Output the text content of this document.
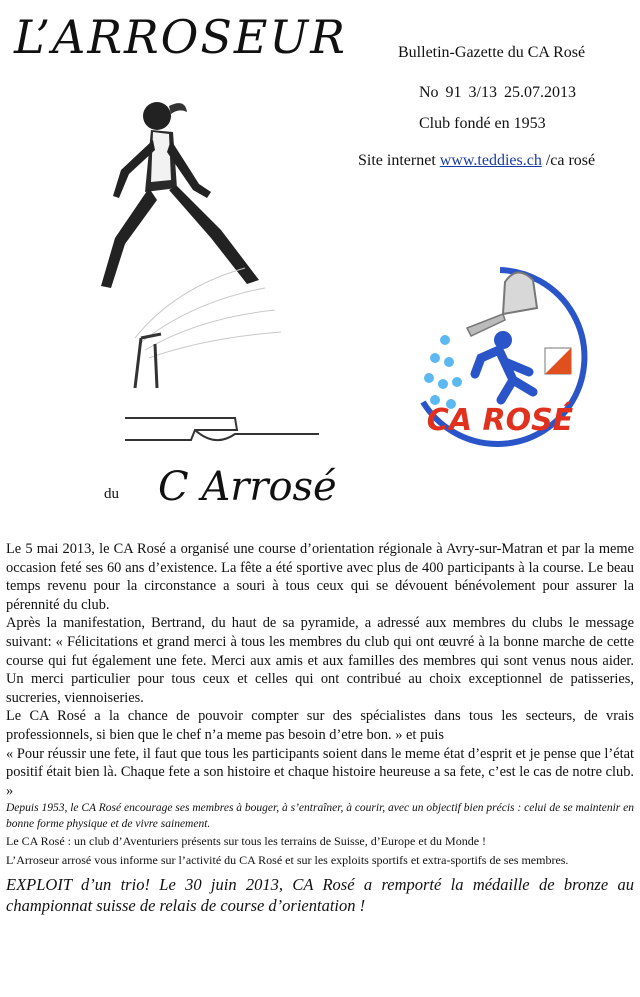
L’ARROSEUR	Bulletin-Gazette du CA Rosé
No 91 3/13 25.07.2013
Club fondé en 1953
Site internet www.teddies.ch /ca rosé
CA ROSÉ
du C Arrosé

Le 5 mai 2013, le CA Rosé a organisé une course d’orientation régionale à Avry-sur-Matran et par la meme occasion feté ses 60 ans d’existence. La fête a été sportive avec plus de 400 participants à la course. Le beau temps revenu pour la circonstance a souri à tous ceux qui se dévouent bénévolement pour assurer la pérennité du club.

Après la manifestation, Bertrand, du haut de sa pyramide, a adressé aux membres du clubs le message suivant: « Félicitations et grand merci à tous les membres du club qui ont œuvré à la bonne marche de cette course qui fut également une fete. Merci aux amis et aux familles des membres qui sont venus nous aider. Un merci particulier pour tous ceux et celles qui ont contribué au choix exceptionnel de patisseries, sucreries, viennoiseries.

Le CA Rosé a la chance de pouvoir compter sur des spécialistes dans tous les secteurs, de vrais professionnels, si bien que le chef n’a meme pas besoin d’etre bon. » et puis

« Pour réussir une fete, il faut que tous les participants soient dans le meme état d’esprit et je pense que l’état positif était bien là. Chaque fete a son histoire et chaque histoire heureuse a sa fete, c’est le cas de notre club. »

Depuis 1953, le CA Rosé encourage ses membres à bouger, à s’entraîner, à courir, avec un objectif bien précis : celui de se maintenir en bonne forme physique et de vivre sainement.

Le CA Rosé : un club d’Aventuriers présents sur tous les terrains de Suisse, d’Europe et du Monde !

L’Arroseur arrosé vous informe sur l’activité du CA Rosé et sur les exploits sportifs et extra-sportifs de ses membres.

EXPLOIT d’un trio! Le 30 juin 2013, CA Rosé a remporté la médaille de bronze au championnat suisse de relais de course d’orientation !
